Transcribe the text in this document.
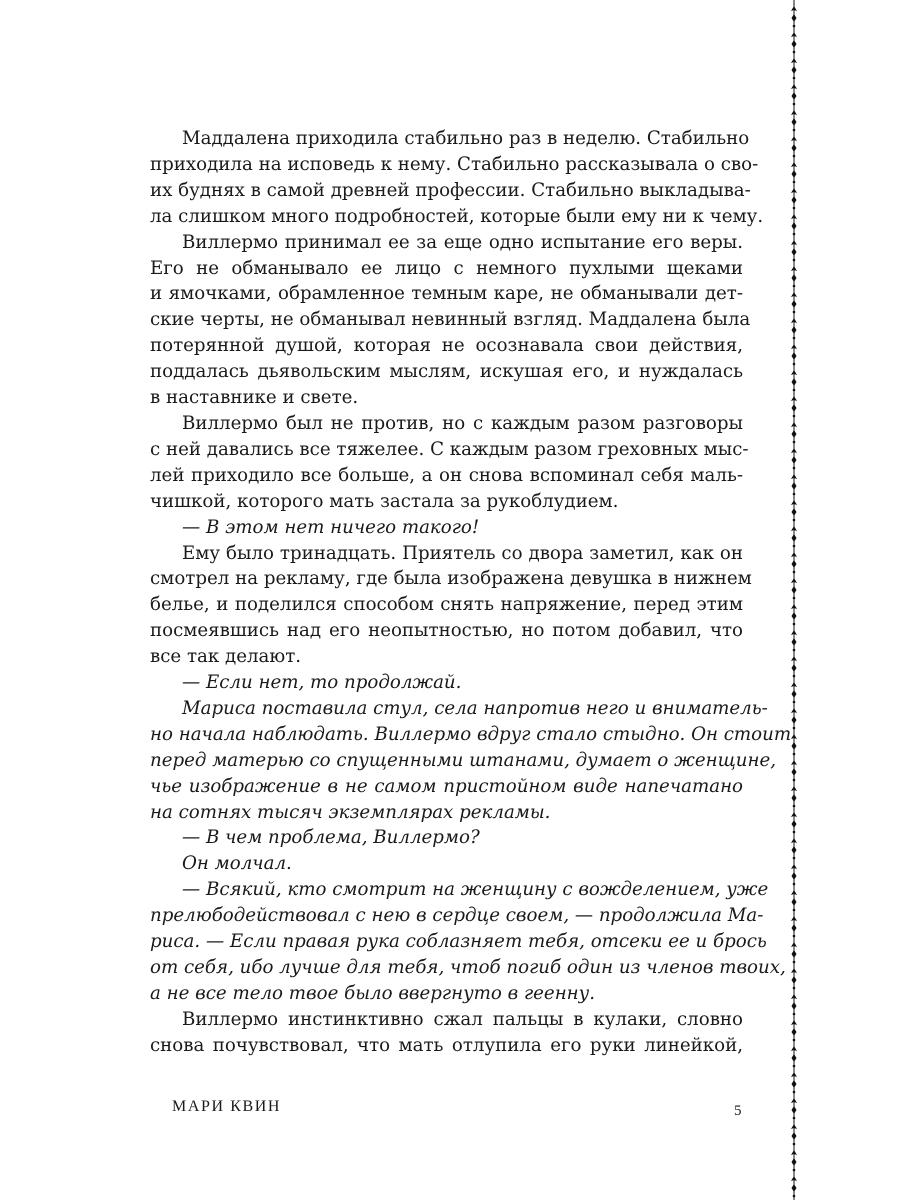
Маддалена приходила стабильно раз в неделю. Стабильно

приходила на исповедь к нему. Стабильно рассказывала о сво-

их буднях в самой древней профессии. Стабильно выкладыва-

ла слишком много подробностей, которые были ему ни к чему.

Виллермо принимал ее за еще одно испытание его веры.

Его не обманывало ее лицо с немного пухлыми щеками

и ямочками, обрамленное темным каре, не обманывали дет-

ские черты, не обманывал невинный взгляд. Маддалена была

потерянной душой, которая не осознавала свои действия,

поддалась дьявольским мыслям, искушая его, и нуждалась

в наставнике и свете.

Виллермо был не против, но с каждым разом разговоры

с ней давались все тяжелее. С каждым разом греховных мыс-

лей приходило все больше, а он снова вспоминал себя маль-

чишкой, которого мать застала за рукоблудием.

— В этом нет ничего такого!

Ему было тринадцать. Приятель со двора заметил, как он

смотрел на рекламу, где была изображена девушка в нижнем

белье, и поделился способом снять напряжение, перед этим

посмеявшись над его неопытностью, но потом добавил, что

все так делают.

— Если нет, то продолжай.

Мариса поставила стул, села напротив него и вниматель-

но начала наблюдать. Виллермо вдруг стало стыдно. Он стоит

перед матерью со спущенными штанами, думает о женщине,

чье изображение в не самом пристойном виде напечатано

на сотнях тысяч экземплярах рекламы.

— В чем проблема, Виллермо?

Он молчал.

— Всякий, кто смотрит на женщину с вожделением, уже

прелюбодействовал с нею в сердце своем, — продолжила Ма-

риса. — Если правая рука соблазняет тебя, отсеки ее и брось

от себя, ибо лучше для тебя, чтоб погиб один из членов твоих,

а не все тело твое было ввергнуто в геенну.

Виллермо инстинктивно сжал пальцы в кулаки, словно

снова почувствовал, что мать отлупила его руки линейкой,

МАРИ КВИН	5
